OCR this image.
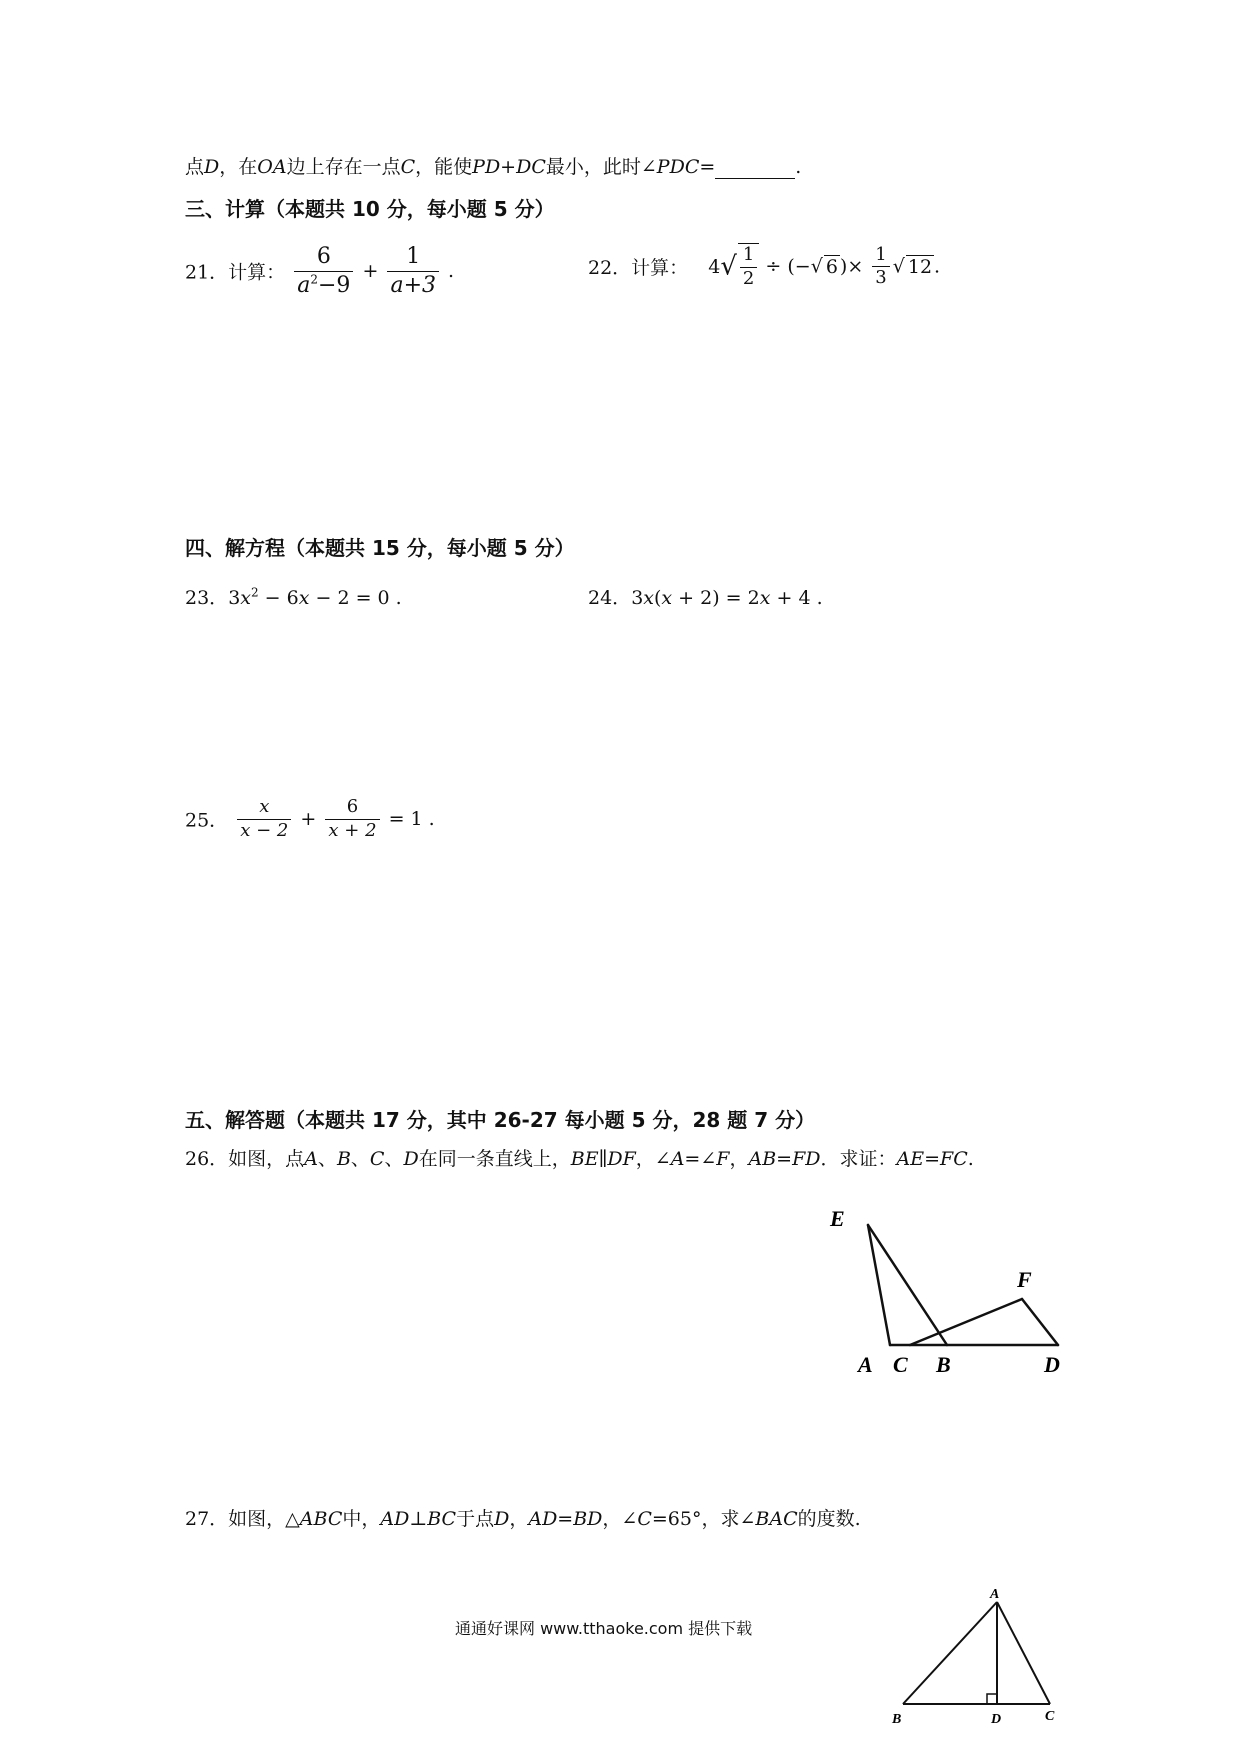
点D，在OA边上存在一点C，能使PD+DC最小，此时∠PDC=	.
三、计算（本题共 10 分，每小题 5 分）
21．计算： $\frac{6}{a^2-9} + \frac{1}{a+3}$ .	22．计算： $4√ \frac{1}{2}$ ÷ (−√ 6 )× $\frac{1}{3}$ √ 12 .
四、解方程（本题共 15 分，每小题 5 分）
23．$3x^2 - 6x - 2 = 0$ .	24．3x(x + 2) = 2x + 4 .
25． $\frac{x}{x - 2} + \frac{6}{x + 2} = 1$ .
五、解答题（本题共 17 分，其中 26-27 每小题 5 分，28 题 7 分）
26．如图，点A、B、C、D在同一条直线上，BE∥DF，∠A=∠F，AB=FD．求证：AE=FC.
E
F
A C B	D
27．如图，△ABC中，AD⊥BC于点D，AD=BD，∠C=65°，求∠BAC的度数.
A
B	D	C
通通好课网 www.tthaoke.com 提供下载
